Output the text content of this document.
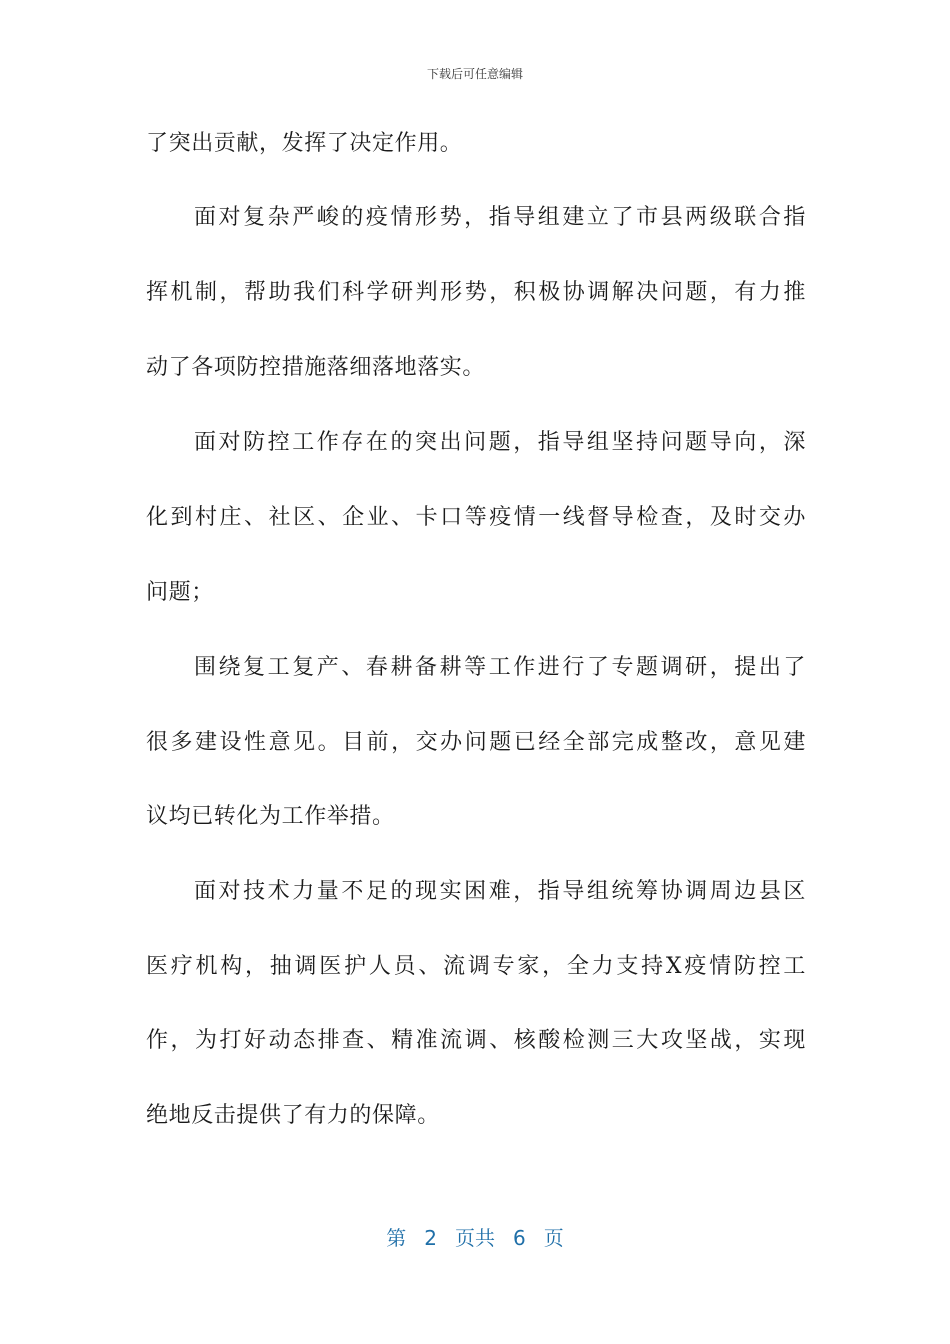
下载后可任意编辑
了突出贡献，发挥了决定作用。
面对复杂严峻的疫情形势，指导组建立了市县两级联合指
挥机制，帮助我们科学研判形势，积极协调解决问题，有力推
动了各项防控措施落细落地落实。
面对防控工作存在的突出问题，指导组坚持问题导向，深
化到村庄、社区、企业、卡口等疫情一线督导检查，及时交办
问题；
围绕复工复产、春耕备耕等工作进行了专题调研，提出了
很多建设性意见。目前，交办问题已经全部完成整改，意见建
议均已转化为工作举措。
面对技术力量不足的现实困难，指导组统筹协调周边县区
医疗机构，抽调医护人员、流调专家，全力支持X疫情防控工
作，为打好动态排查、精准流调、核酸检测三大攻坚战，实现
绝地反击提供了有力的保障。
第 2 页共 6 页
